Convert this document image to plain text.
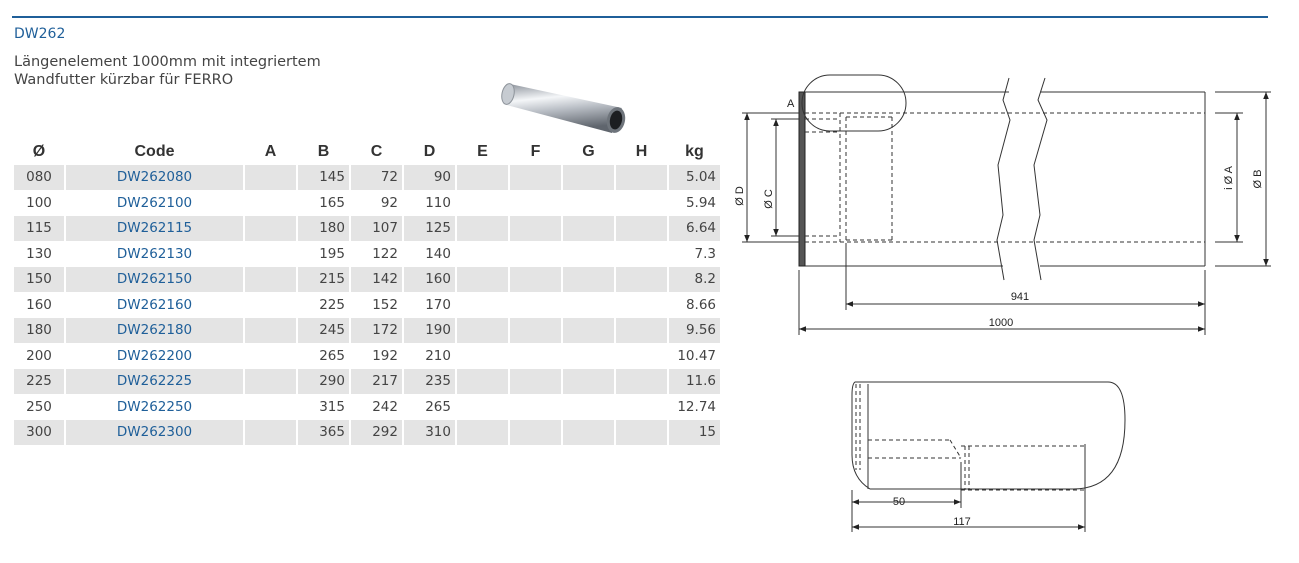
DW262
Längenelement 1000mm mit integriertem
Wandfutter kürzbar für FERRO
Ø	Code	A	B	C	D	E	F	G	H	kg
080	DW262080		145	72	90					5.04
100	DW262100		165	92	110					5.94
115	DW262115		180	107	125					6.64
130	DW262130		195	122	140					7.3
150	DW262150		215	142	160					8.2
160	DW262160		225	152	170					8.66
180	DW262180		245	172	190					9.56
200	DW262200		265	192	210					10.47
225	DW262225		290	217	235					11.6
250	DW262250		315	242	265					12.74
300	DW262300		365	292	310					15
A
Ø D Ø C
i Ø A Ø B
941
1000
50
117
